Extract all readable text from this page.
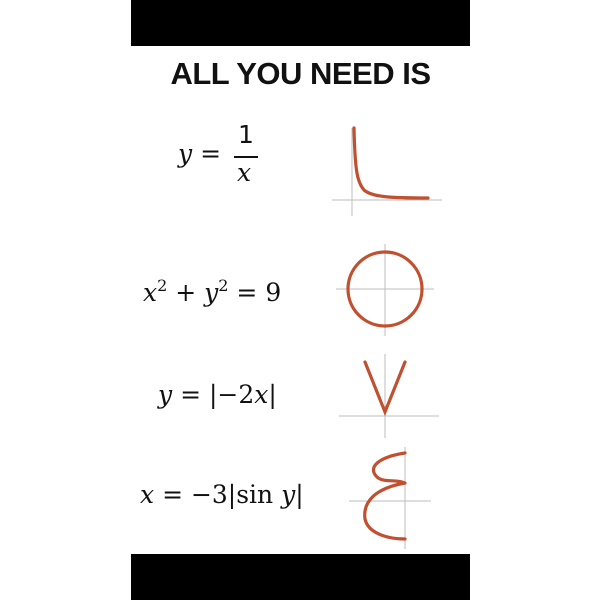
ALL YOU NEED IS
y =
1
x
$x^2 + y^2 = 9$
y = |−2x|
x = −3|sin y|
